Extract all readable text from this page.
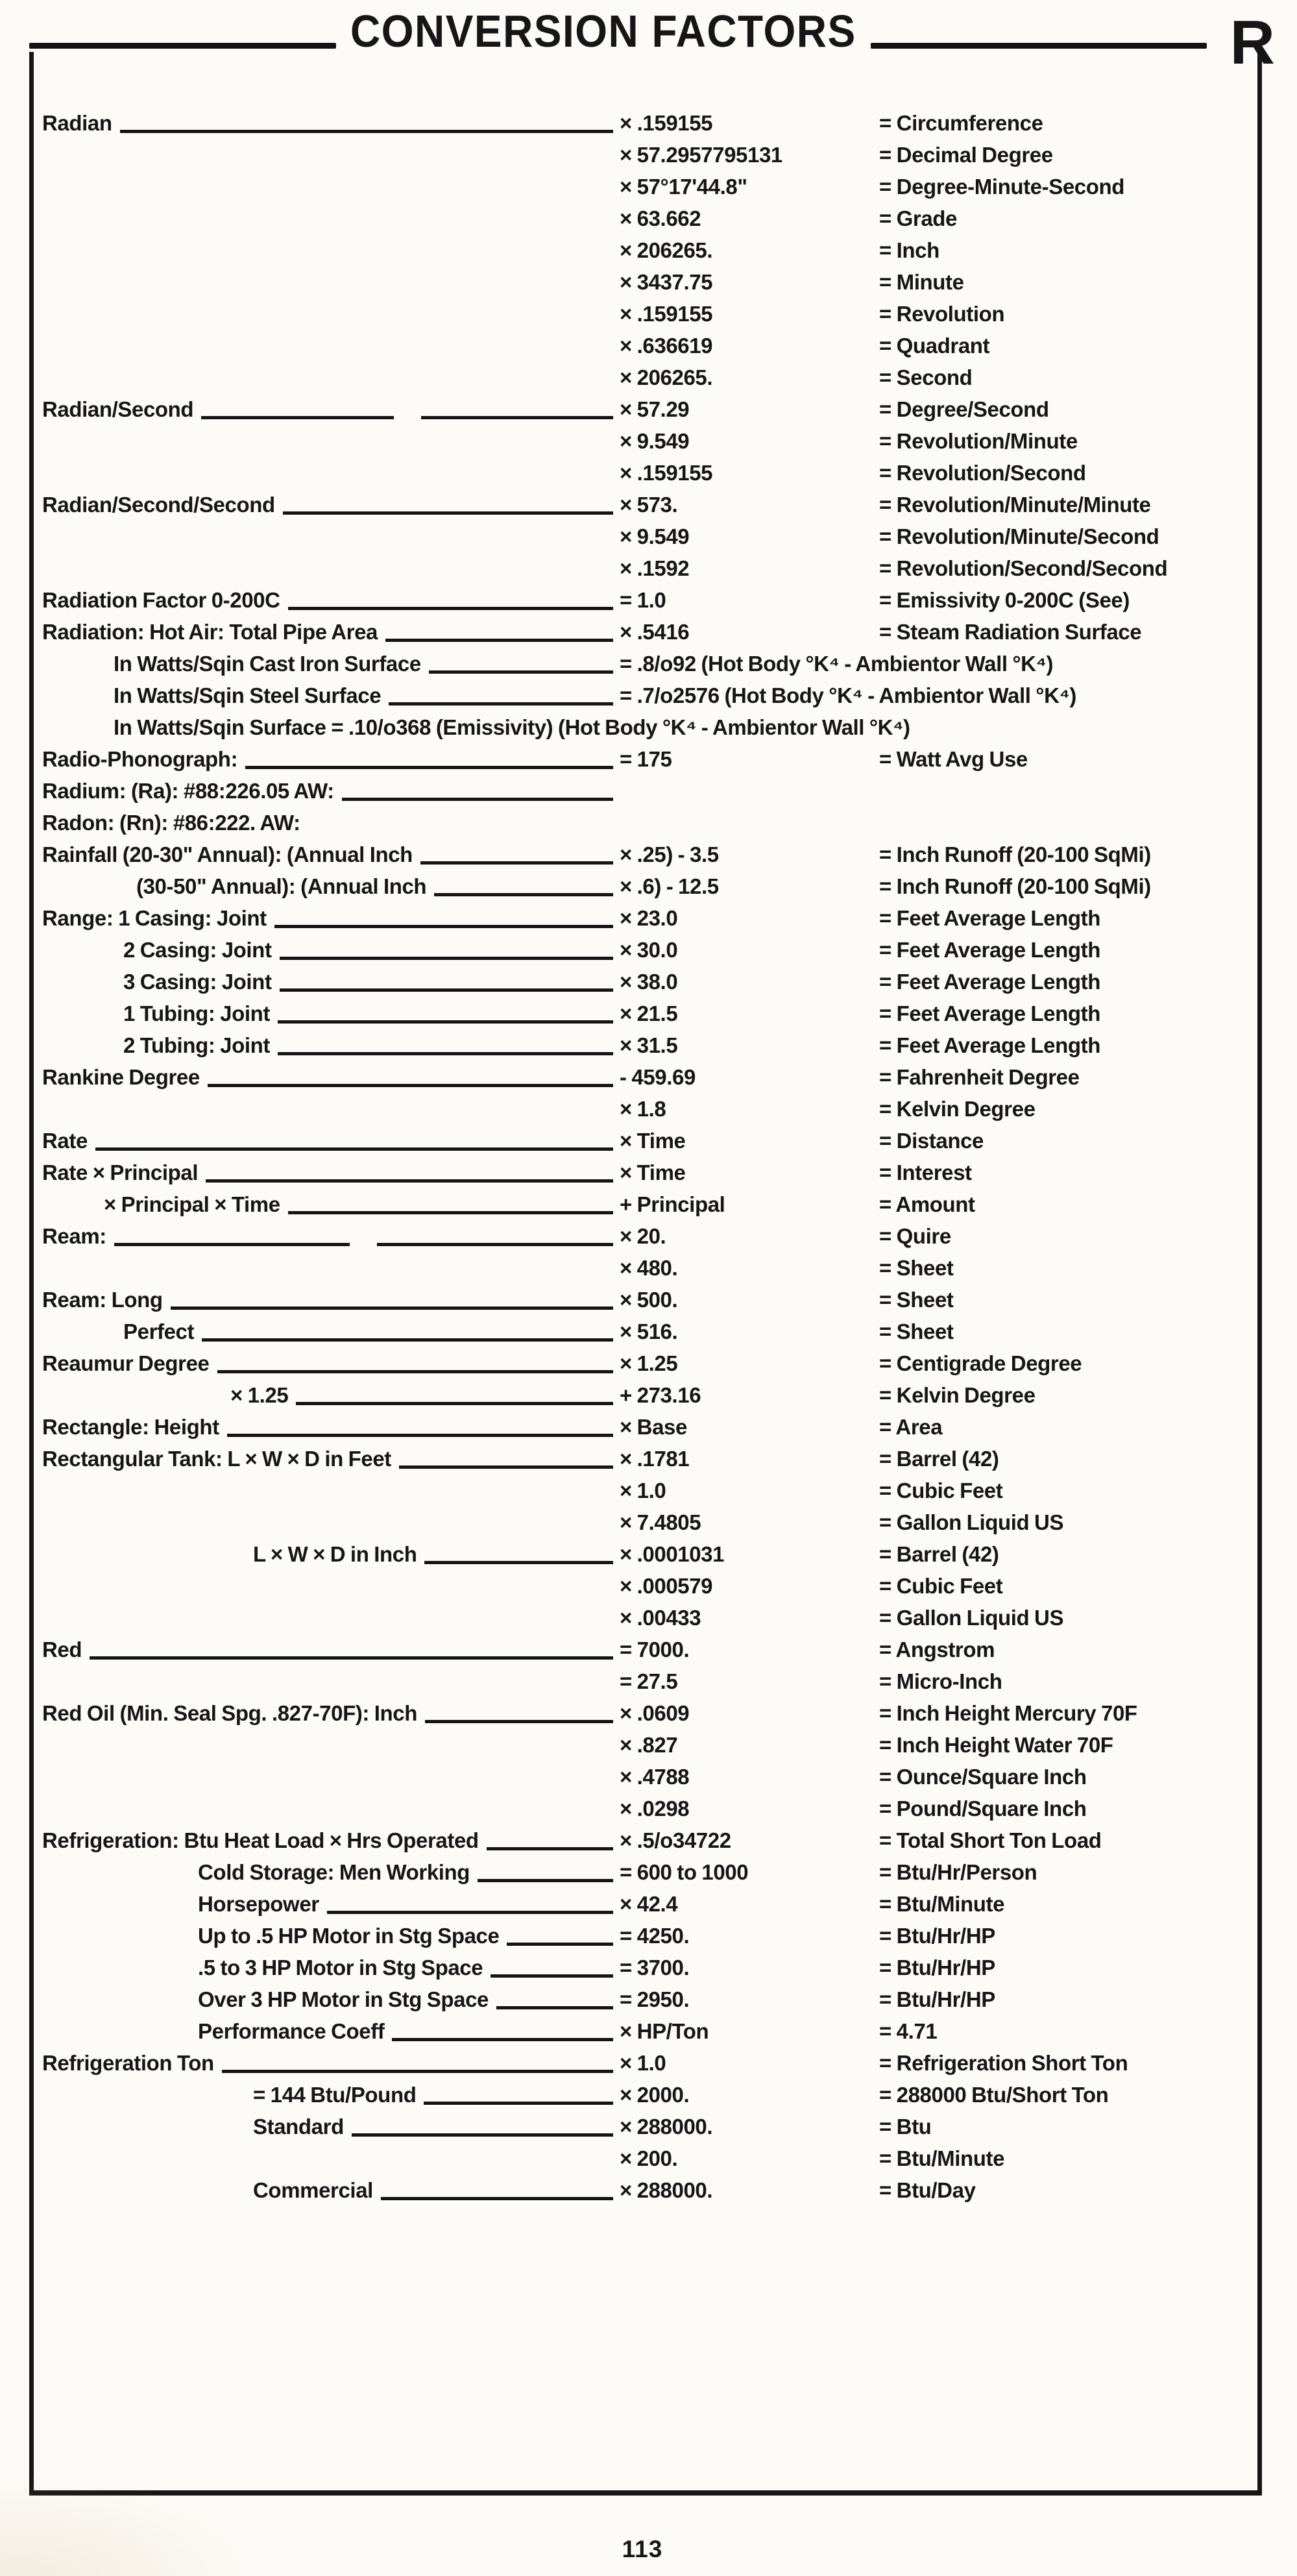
CONVERSION FACTORS	R
Radian	× .159155	= Circumference
× 57.2957795131	= Decimal Degree
× 57°17'44.8"	= Degree-Minute-Second
× 63.662	= Grade
× 206265.	= Inch
× 3437.75	= Minute
× .159155	= Revolution
× .636619	= Quadrant
× 206265.	= Second
Radian/Second	× 57.29	= Degree/Second
× 9.549	= Revolution/Minute
× .159155	= Revolution/Second
Radian/Second/Second	× 573.	= Revolution/Minute/Minute
× 9.549	= Revolution/Minute/Second
× .1592	= Revolution/Second/Second
Radiation Factor 0-200C	= 1.0	= Emissivity 0-200C (See)
Radiation: Hot Air: Total Pipe Area	× .5416	= Steam Radiation Surface
In Watts/Sqin Cast Iron Surface	= .8/o92 (Hot Body °K⁴ - Ambientor Wall °K⁴)
In Watts/Sqin Steel Surface	= .7/o2576 (Hot Body °K⁴ - Ambientor Wall °K⁴)
In Watts/Sqin Surface = .10/o368 (Emissivity) (Hot Body °K⁴ - Ambientor Wall °K⁴)
Radio-Phonograph:	= 175	= Watt Avg Use
Radium: (Ra): #88:226.05 AW:
Radon: (Rn): #86:222. AW:
Rainfall (20-30" Annual): (Annual Inch	× .25) - 3.5	= Inch Runoff (20-100 SqMi)
(30-50" Annual): (Annual Inch	× .6) - 12.5	= Inch Runoff (20-100 SqMi)
Range: 1 Casing: Joint	× 23.0	= Feet Average Length
2 Casing: Joint	× 30.0	= Feet Average Length
3 Casing: Joint	× 38.0	= Feet Average Length
1 Tubing: Joint	× 21.5	= Feet Average Length
2 Tubing: Joint	× 31.5	= Feet Average Length
Rankine Degree	- 459.69	= Fahrenheit Degree
× 1.8	= Kelvin Degree
Rate	× Time	= Distance
Rate × Principal	× Time	= Interest
× Principal × Time	+ Principal	= Amount
Ream:	× 20.	= Quire
× 480.	= Sheet
Ream: Long	× 500.	= Sheet
Perfect	× 516.	= Sheet
Reaumur Degree	× 1.25	= Centigrade Degree
× 1.25	+ 273.16	= Kelvin Degree
Rectangle: Height	× Base	= Area
Rectangular Tank: L × W × D in Feet	× .1781	= Barrel (42)
× 1.0	= Cubic Feet
× 7.4805	= Gallon Liquid US
L × W × D in Inch	× .0001031	= Barrel (42)
× .000579	= Cubic Feet
× .00433	= Gallon Liquid US
Red	= 7000.	= Angstrom
= 27.5	= Micro-Inch
Red Oil (Min. Seal Spg. .827-70F): Inch	× .0609	= Inch Height Mercury 70F
× .827	= Inch Height Water 70F
× .4788	= Ounce/Square Inch
× .0298	= Pound/Square Inch
Refrigeration: Btu Heat Load × Hrs Operated	× .5/o34722	= Total Short Ton Load
Cold Storage: Men Working	= 600 to 1000	= Btu/Hr/Person
Horsepower	× 42.4	= Btu/Minute
Up to .5 HP Motor in Stg Space	= 4250.	= Btu/Hr/HP
.5 to 3 HP Motor in Stg Space	= 3700.	= Btu/Hr/HP
Over 3 HP Motor in Stg Space	= 2950.	= Btu/Hr/HP
Performance Coeff	× HP/Ton	= 4.71
Refrigeration Ton	× 1.0	= Refrigeration Short Ton
= 144 Btu/Pound	× 2000.	= 288000 Btu/Short Ton
Standard	× 288000.	= Btu
× 200.	= Btu/Minute
Commercial	× 288000.	= Btu/Day
113
